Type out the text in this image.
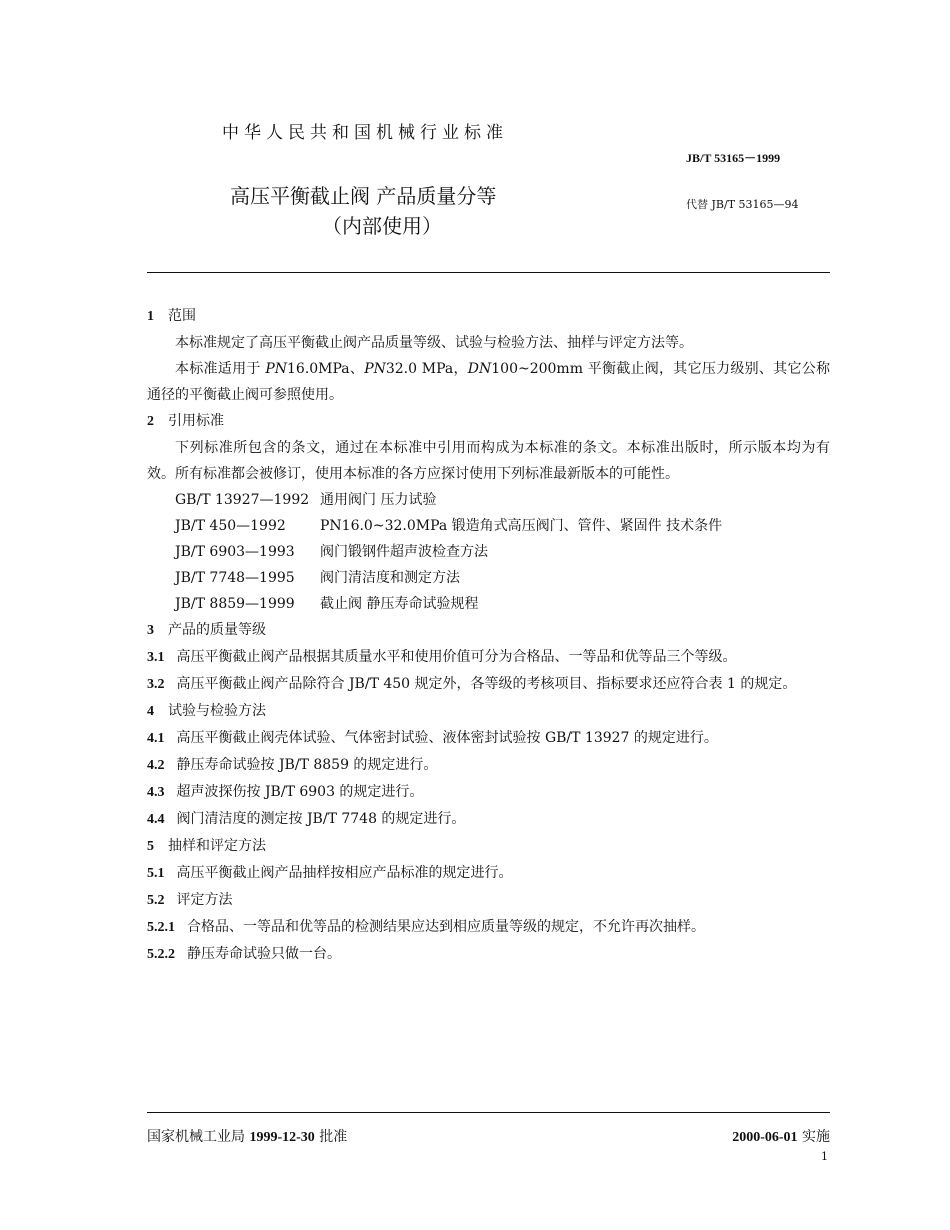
中华人民共和国机械行业标准
JB/T 53165－1999
高压平衡截止阀 产品质量分等
（内部使用）
代替 JB/T 53165—94

1 范围

本标准规定了高压平衡截止阀产品质量等级、试验与检验方法、抽样与评定方法等。

本标准适用于 PN16.0MPa、PN32.0 MPa，DN100~200mm 平衡截止阀，其它压力级别、其它公称通径的平衡截止阀可参照使用。

2 引用标准

下列标准所包含的条文，通过在本标准中引用而构成为本标准的条文。本标准出版时，所示版本均为有效。所有标准都会被修订，使用本标准的各方应探讨使用下列标准最新版本的可能性。

GB/T 13927—1992 通用阀门 压力试验
JB/T 450—1992	PN16.0~32.0MPa 锻造角式高压阀门、管件、紧固件 技术条件
JB/T 6903—1993	阀门锻钢件超声波检查方法
JB/T 7748—1995	阀门清洁度和测定方法
JB/T 8859—1999	截止阀 静压寿命试验规程

3 产品的质量等级

3.1 高压平衡截止阀产品根据其质量水平和使用价值可分为合格品、一等品和优等品三个等级。

3.2 高压平衡截止阀产品除符合 JB/T 450 规定外，各等级的考核项目、指标要求还应符合表 1 的规定。

4 试验与检验方法

4.1 高压平衡截止阀壳体试验、气体密封试验、液体密封试验按 GB/T 13927 的规定进行。

4.2 静压寿命试验按 JB/T 8859 的规定进行。

4.3 超声波探伤按 JB/T 6903 的规定进行。

4.4 阀门清洁度的测定按 JB/T 7748 的规定进行。

5 抽样和评定方法

5.1 高压平衡截止阀产品抽样按相应产品标准的规定进行。

5.2 评定方法

5.2.1 合格品、一等品和优等品的检测结果应达到相应质量等级的规定，不允许再次抽样。

5.2.2 静压寿命试验只做一台。

国家机械工业局 1999-12-30 批准	2000-06-01 实施
1
